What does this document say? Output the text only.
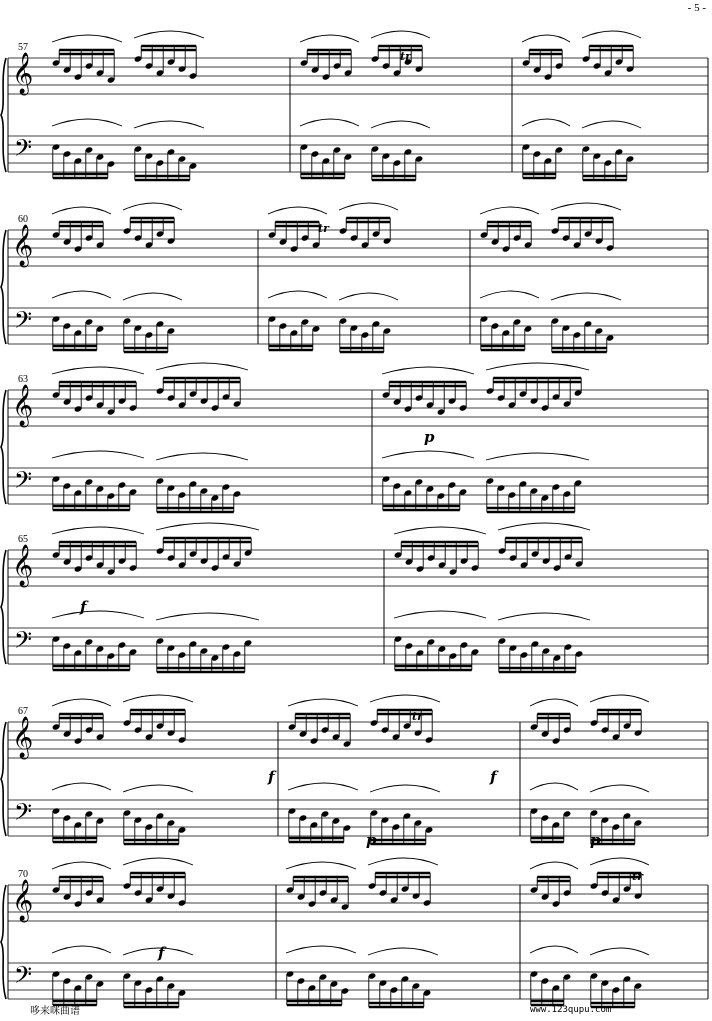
- 5 -
𝄞
𝄢
57
𝄞
𝄢
60
𝄞
𝄢
63
p
𝄞
𝄢
65
f
𝄞
𝄢
67
f
p
f
p
𝄞
𝄢
70
f
tr
tr
tr
tr
哆来咪曲谱	www.123qupu.com
